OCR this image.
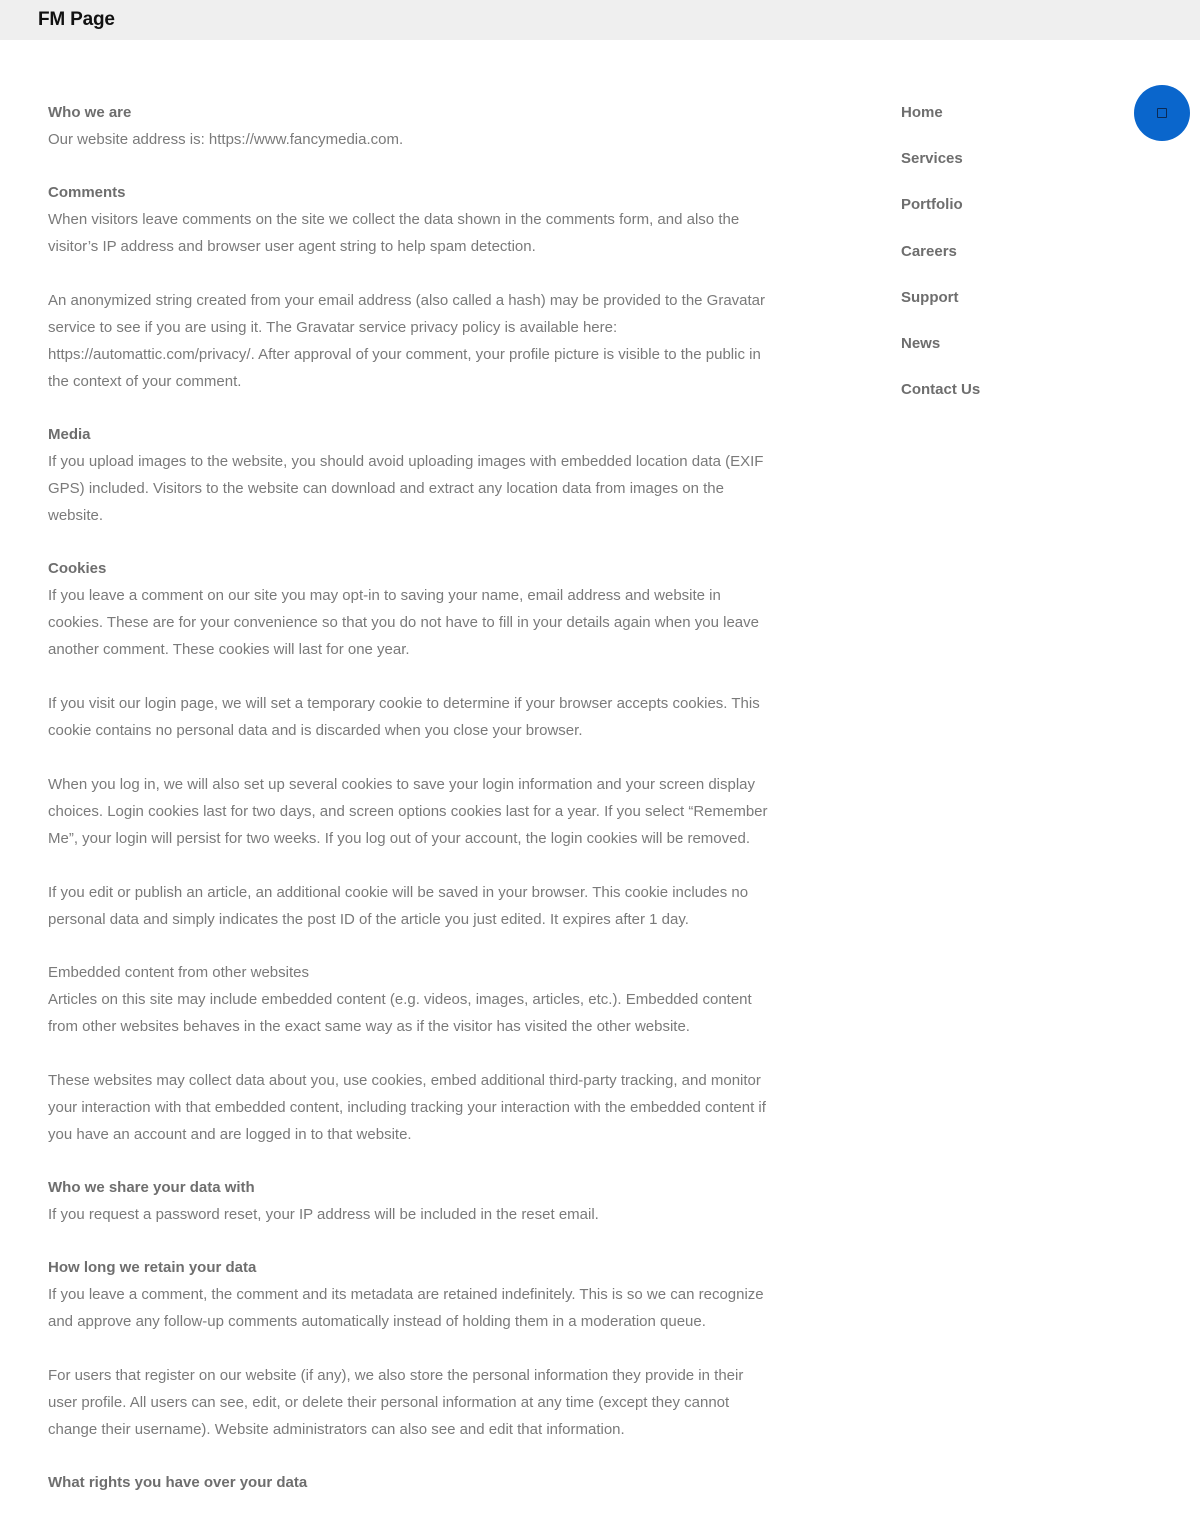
FM Page
Who we are

Our website address is: https://www.fancymedia.com.

Comments

When visitors leave comments on the site we collect the data shown in the comments form, and also the visitor’s IP address and browser user agent string to help spam detection.

An anonymized string created from your email address (also called a hash) may be provided to the Gravatar service to see if you are using it. The Gravatar service privacy policy is available here: https://automattic.com/privacy/. After approval of your comment, your profile picture is visible to the public in the context of your comment.

Media

If you upload images to the website, you should avoid uploading images with embedded location data (EXIF GPS) included. Visitors to the website can download and extract any location data from images on the website.

Cookies

If you leave a comment on our site you may opt-in to saving your name, email address and website in cookies. These are for your convenience so that you do not have to fill in your details again when you leave another comment. These cookies will last for one year.

If you visit our login page, we will set a temporary cookie to determine if your browser accepts cookies. This cookie contains no personal data and is discarded when you close your browser.

When you log in, we will also set up several cookies to save your login information and your screen display choices. Login cookies last for two days, and screen options cookies last for a year. If you select “Remember Me”, your login will persist for two weeks. If you log out of your account, the login cookies will be removed.

If you edit or publish an article, an additional cookie will be saved in your browser. This cookie includes no personal data and simply indicates the post ID of the article you just edited. It expires after 1 day.

Embedded content from other websites

Articles on this site may include embedded content (e.g. videos, images, articles, etc.). Embedded content from other websites behaves in the exact same way as if the visitor has visited the other website.

These websites may collect data about you, use cookies, embed additional third-party tracking, and monitor your interaction with that embedded content, including tracking your interaction with the embedded content if you have an account and are logged in to that website.

Who we share your data with

If you request a password reset, your IP address will be included in the reset email.

How long we retain your data

If you leave a comment, the comment and its metadata are retained indefinitely. This is so we can recognize and approve any follow-up comments automatically instead of holding them in a moderation queue.

For users that register on our website (if any), we also store the personal information they provide in their user profile. All users can see, edit, or delete their personal information at any time (except they cannot change their username). Website administrators can also see and edit that information.

What rights you have over your data
Home
Services
Portfolio
Careers
Support
News
Contact Us
